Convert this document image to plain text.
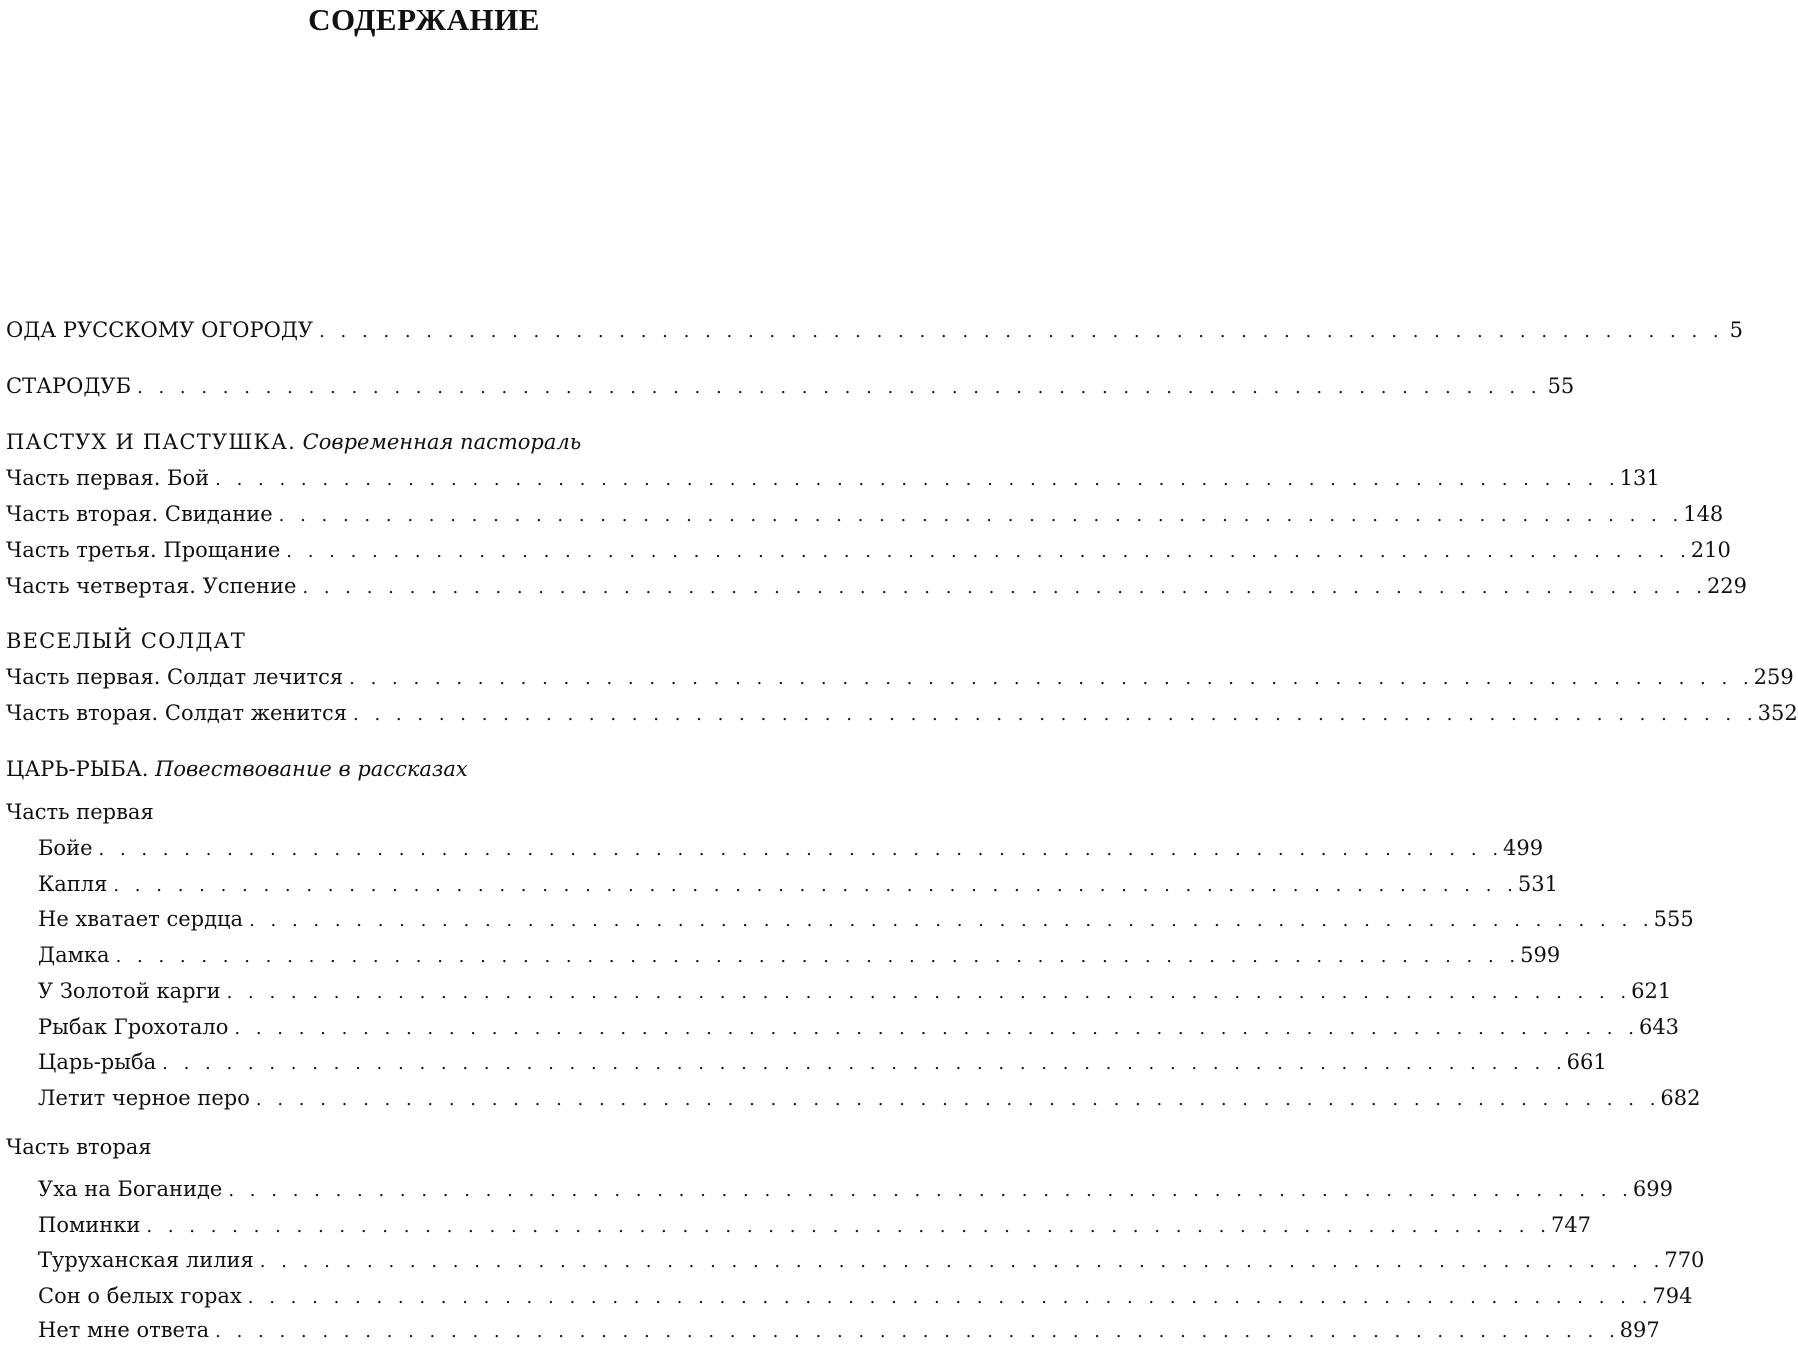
СОДЕРЖАНИЕ
ОДА РУССКОМУ ОГОРОДУ . . . . . . . . . . . . . . . . . . . . . . . . . . . . . . . . . . . . . . . . . . . . . . . . . . . . . . . . . . . . . . . . . . 5
СТАРОДУБ . . . . . . . . . . . . . . . . . . . . . . . . . . . . . . . . . . . . . . . . . . . . . . . . . . . . . . . . . . . . . . . . . . 55
ПАСТУХ И ПАСТУШКА. Современная пастораль
Часть первая. Бой . . . . . . . . . . . . . . . . . . . . . . . . . . . . . . . . . . . . . . . . . . . . . . . . . . . . . . . . . . . . . . . . . . 131
Часть вторая. Свидание . . . . . . . . . . . . . . . . . . . . . . . . . . . . . . . . . . . . . . . . . . . . . . . . . . . . . . . . . . . . . . . . . . 148
Часть третья. Прощание . . . . . . . . . . . . . . . . . . . . . . . . . . . . . . . . . . . . . . . . . . . . . . . . . . . . . . . . . . . . . . . . . . 210
Часть четвертая. Успение . . . . . . . . . . . . . . . . . . . . . . . . . . . . . . . . . . . . . . . . . . . . . . . . . . . . . . . . . . . . . . . . . . 229
ВЕСЕЛЫЙ СОЛДАТ
Часть первая. Солдат лечится . . . . . . . . . . . . . . . . . . . . . . . . . . . . . . . . . . . . . . . . . . . . . . . . . . . . . . . . . . . . . . . . . . 259
Часть вторая. Солдат женится . . . . . . . . . . . . . . . . . . . . . . . . . . . . . . . . . . . . . . . . . . . . . . . . . . . . . . . . . . . . . . . . . . 352
ЦАРЬ-РЫБА. Повествование в рассказах
Часть первая
Бойе . . . . . . . . . . . . . . . . . . . . . . . . . . . . . . . . . . . . . . . . . . . . . . . . . . . . . . . . . . . . . . . . . . 499
Капля . . . . . . . . . . . . . . . . . . . . . . . . . . . . . . . . . . . . . . . . . . . . . . . . . . . . . . . . . . . . . . . . . . 531
Не хватает сердца . . . . . . . . . . . . . . . . . . . . . . . . . . . . . . . . . . . . . . . . . . . . . . . . . . . . . . . . . . . . . . . . . . 555
Дамка . . . . . . . . . . . . . . . . . . . . . . . . . . . . . . . . . . . . . . . . . . . . . . . . . . . . . . . . . . . . . . . . . . 599
У Золотой карги . . . . . . . . . . . . . . . . . . . . . . . . . . . . . . . . . . . . . . . . . . . . . . . . . . . . . . . . . . . . . . . . . . 621
Рыбак Грохотало . . . . . . . . . . . . . . . . . . . . . . . . . . . . . . . . . . . . . . . . . . . . . . . . . . . . . . . . . . . . . . . . . . 643
Царь-рыба . . . . . . . . . . . . . . . . . . . . . . . . . . . . . . . . . . . . . . . . . . . . . . . . . . . . . . . . . . . . . . . . . . 661
Летит черное перо . . . . . . . . . . . . . . . . . . . . . . . . . . . . . . . . . . . . . . . . . . . . . . . . . . . . . . . . . . . . . . . . . . 682
Часть вторая
Уха на Боганиде . . . . . . . . . . . . . . . . . . . . . . . . . . . . . . . . . . . . . . . . . . . . . . . . . . . . . . . . . . . . . . . . . . 699
Поминки . . . . . . . . . . . . . . . . . . . . . . . . . . . . . . . . . . . . . . . . . . . . . . . . . . . . . . . . . . . . . . . . . . 747
Туруханская лилия . . . . . . . . . . . . . . . . . . . . . . . . . . . . . . . . . . . . . . . . . . . . . . . . . . . . . . . . . . . . . . . . . . 770
Сон о белых горах . . . . . . . . . . . . . . . . . . . . . . . . . . . . . . . . . . . . . . . . . . . . . . . . . . . . . . . . . . . . . . . . . . 794
Нет мне ответа . . . . . . . . . . . . . . . . . . . . . . . . . . . . . . . . . . . . . . . . . . . . . . . . . . . . . . . . . . . . . . . . . . 897
